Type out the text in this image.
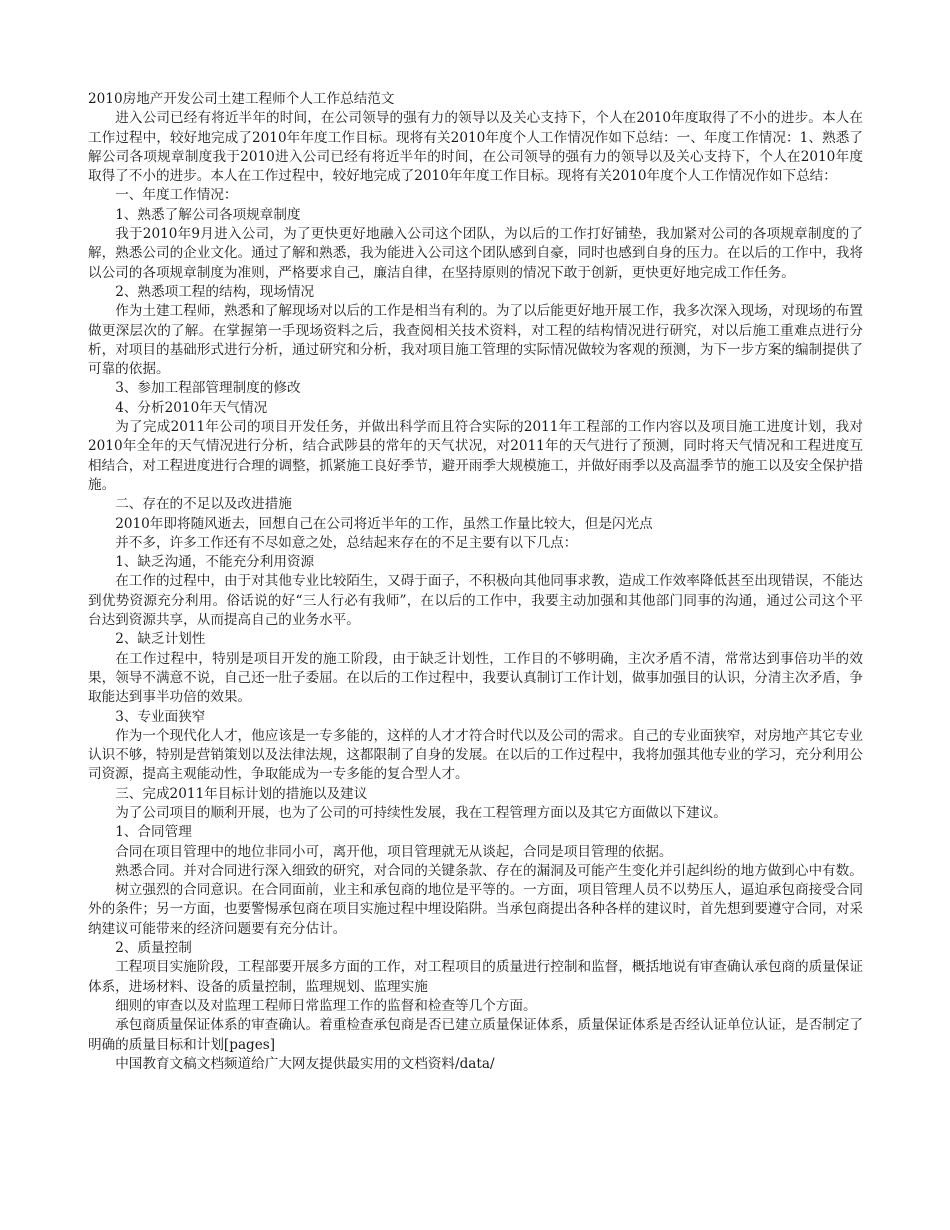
2010房地产开发公司土建工程师个人工作总结范文

进入公司已经有将近半年的时间，在公司领导的强有力的领导以及关心支持下，个人在2010年度取得了不小的进步。本人在工作过程中，较好地完成了2010年年度工作目标。现将有关2010年度个人工作情况作如下总结：一、年度工作情况：1、熟悉了解公司各项规章制度我于2010进入公司已经有将近半年的时间，在公司领导的强有力的领导以及关心支持下，个人在2010年度取得了不小的进步。本人在工作过程中，较好地完成了2010年年度工作目标。现将有关2010年度个人工作情况作如下总结：

一、年度工作情况：

1、熟悉了解公司各项规章制度

我于2010年9月进入公司，为了更快更好地融入公司这个团队，为以后的工作打好铺垫，我加紧对公司的各项规章制度的了解，熟悉公司的企业文化。通过了解和熟悉，我为能进入公司这个团队感到自豪，同时也感到自身的压力。在以后的工作中，我将以公司的各项规章制度为准则，严格要求自己，廉洁自律，在坚持原则的情况下敢于创新，更快更好地完成工作任务。

2、熟悉项工程的结构，现场情况

作为土建工程师，熟悉和了解现场对以后的工作是相当有利的。为了以后能更好地开展工作，我多次深入现场，对现场的布置做更深层次的了解。在掌握第一手现场资料之后，我查阅相关技术资料，对工程的结构情况进行研究，对以后施工重难点进行分析，对项目的基础形式进行分析，通过研究和分析，我对项目施工管理的实际情况做较为客观的预测，为下一步方案的编制提供了可靠的依据。

3、参加工程部管理制度的修改

4、分析2010年天气情况

为了完成2011年公司的项目开发任务，并做出科学而且符合实际的2011年工程部的工作内容以及项目施工进度计划，我对2010年全年的天气情况进行分析，结合武陟县的常年的天气状况，对2011年的天气进行了预测，同时将天气情况和工程进度互相结合，对工程进度进行合理的调整，抓紧施工良好季节，避开雨季大规模施工，并做好雨季以及高温季节的施工以及安全保护措施。

二、存在的不足以及改进措施

2010年即将随风逝去，回想自己在公司将近半年的工作，虽然工作量比较大，但是闪光点

并不多，许多工作还有不尽如意之处，总结起来存在的不足主要有以下几点：

1、缺乏沟通，不能充分利用资源

在工作的过程中，由于对其他专业比较陌生，又碍于面子，不积极向其他同事求教，造成工作效率降低甚至出现错误，不能达到优势资源充分利用。俗话说的好“三人行必有我师”，在以后的工作中，我要主动加强和其他部门同事的沟通，通过公司这个平台达到资源共享，从而提高自己的业务水平。

2、缺乏计划性

在工作过程中，特别是项目开发的施工阶段，由于缺乏计划性，工作目的不够明确，主次矛盾不清，常常达到事倍功半的效果，领导不满意不说，自己还一肚子委屈。在以后的工作过程中，我要认真制订工作计划，做事加强目的认识，分清主次矛盾，争取能达到事半功倍的效果。

3、专业面狭窄

作为一个现代化人才，他应该是一专多能的，这样的人才才符合时代以及公司的需求。自己的专业面狭窄，对房地产其它专业认识不够，特别是营销策划以及法律法规，这都限制了自身的发展。在以后的工作过程中，我将加强其他专业的学习，充分利用公司资源，提高主观能动性，争取能成为一专多能的复合型人才。

三、完成2011年目标计划的措施以及建议

为了公司项目的顺利开展，也为了公司的可持续性发展，我在工程管理方面以及其它方面做以下建议。

1、合同管理

合同在项目管理中的地位非同小可，离开他，项目管理就无从谈起，合同是项目管理的依据。

熟悉合同。并对合同进行深入细致的研究，对合同的关键条款、存在的漏洞及可能产生变化并引起纠纷的地方做到心中有数。

树立强烈的合同意识。在合同面前，业主和承包商的地位是平等的。一方面，项目管理人员不以势压人，逼迫承包商接受合同外的条件；另一方面，也要警惕承包商在项目实施过程中埋设陷阱。当承包商提出各种各样的建议时，首先想到要遵守合同，对采纳建议可能带来的经济问题要有充分估计。

2、质量控制

工程项目实施阶段，工程部要开展多方面的工作，对工程项目的质量进行控制和监督，概括地说有审查确认承包商的质量保证体系，进场材料、设备的质量控制，监理规划、监理实施

细则的审查以及对监理工程师日常监理工作的监督和检查等几个方面。

承包商质量保证体系的审查确认。着重检查承包商是否已建立质量保证体系，质量保证体系是否经认证单位认证，是否制定了明确的质量目标和计划[pages]

中国教育文稿文档频道给广大网友提供最实用的文档资料/data/
